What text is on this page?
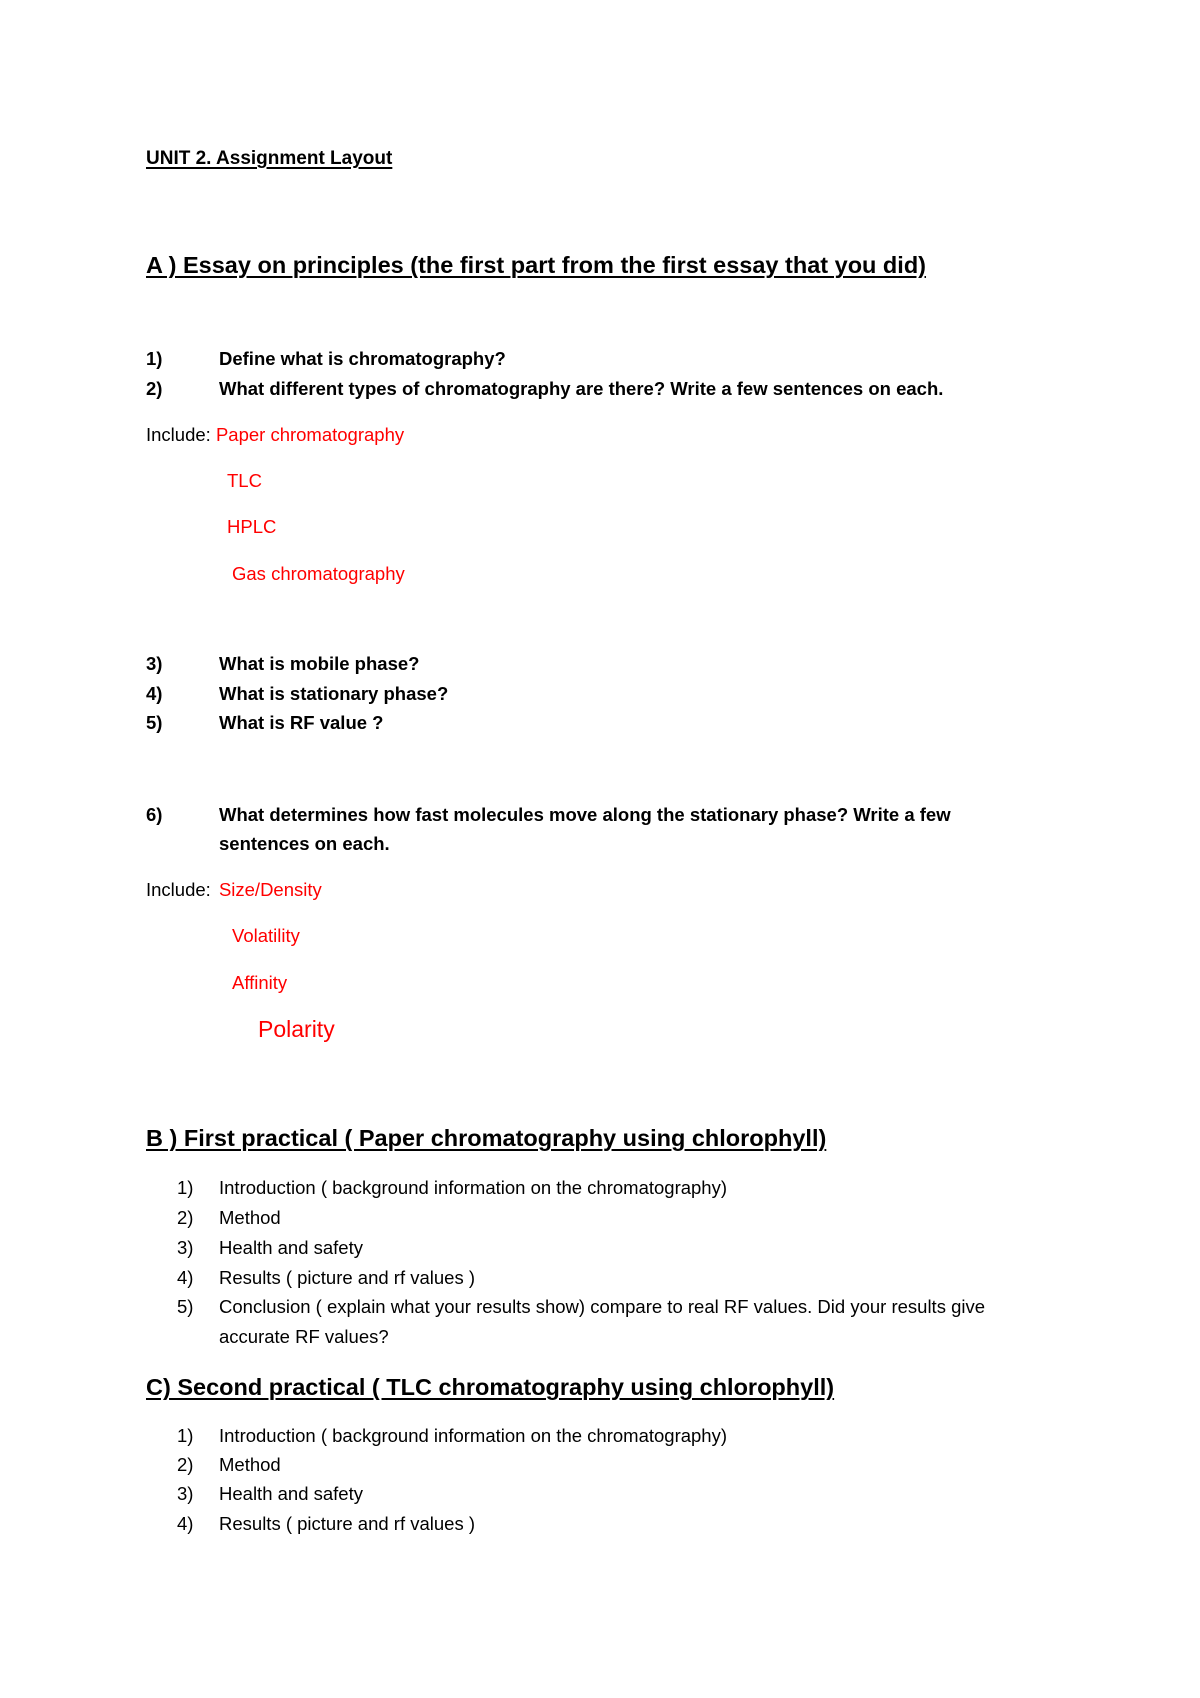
UNIT 2. Assignment Layout
A ) Essay on principles (the first part from the first essay that you did)
1)	Define what is chromatography?
2)	What different types of chromatography are there? Write a few sentences on each.
Include: Paper chromatography
TLC
HPLC
Gas chromatography
3)	What is mobile phase?
4)	What is stationary phase?
5)	What is RF value ?
6)	What determines how fast molecules move along the stationary phase? Write a few
sentences on each.
Include: Size/Density
Volatility
Affinity
Polarity
B ) First practical ( Paper chromatography using chlorophyll)
1) Introduction ( background information on the chromatography)
2) Method
3) Health and safety
4) Results ( picture and rf values )
5) Conclusion ( explain what your results show) compare to real RF values. Did your results give
accurate RF values?
C) Second practical ( TLC chromatography using chlorophyll)
1) Introduction ( background information on the chromatography)
2) Method
3) Health and safety
4) Results ( picture and rf values )
